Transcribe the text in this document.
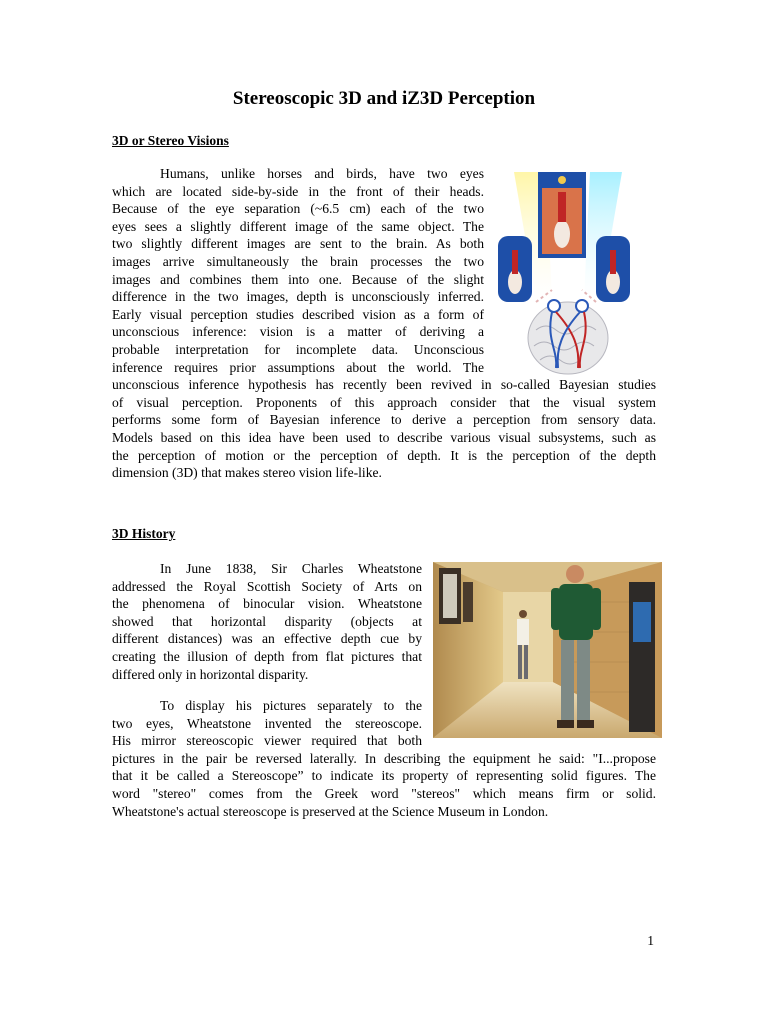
Stereoscopic 3D and iZ3D Perception
3D or Stereo Visions
Humans, unlike horses and birds, have two eyes
which are located side-by-side in the front of their heads.
Because of the eye separation (~6.5 cm) each of the two
eyes sees a slightly different image of the same object. The
two slightly different images are sent to the brain. As both
images arrive simultaneously the brain processes the two
images and combines them into one. Because of the slight
difference in the two images, depth is unconsciously inferred.
Early visual perception studies described vision as a form of
unconscious inference: vision is a matter of deriving a
probable interpretation for incomplete data. Unconscious
inference requires prior assumptions about the world. The
unconscious inference hypothesis has recently been revived in so-called Bayesian studies
of visual perception. Proponents of this approach consider that the visual system
performs some form of Bayesian inference to derive a perception from sensory data.
Models based on this idea have been used to describe various visual subsystems, such as
the perception of motion or the perception of depth. It is the perception of the depth
dimension (3D) that makes stereo vision life-like.
3D History
In June 1838, Sir Charles Wheatstone
addressed the Royal Scottish Society of Arts on
the phenomena of binocular vision. Wheatstone
showed that horizontal disparity (objects at
different distances) was an effective depth cue by
creating the illusion of depth from flat pictures that
differed only in horizontal disparity.
To display his pictures separately to the
two eyes, Wheatstone invented the stereoscope.
His mirror stereoscopic viewer required that both
pictures in the pair be reversed laterally. In describing the equipment he said: "I...propose
that it be called a Stereoscope” to indicate its property of representing solid figures. The
word "stereo" comes from the Greek word "stereos" which means firm or solid.
Wheatstone's actual stereoscope is preserved at the Science Museum in London.
1
